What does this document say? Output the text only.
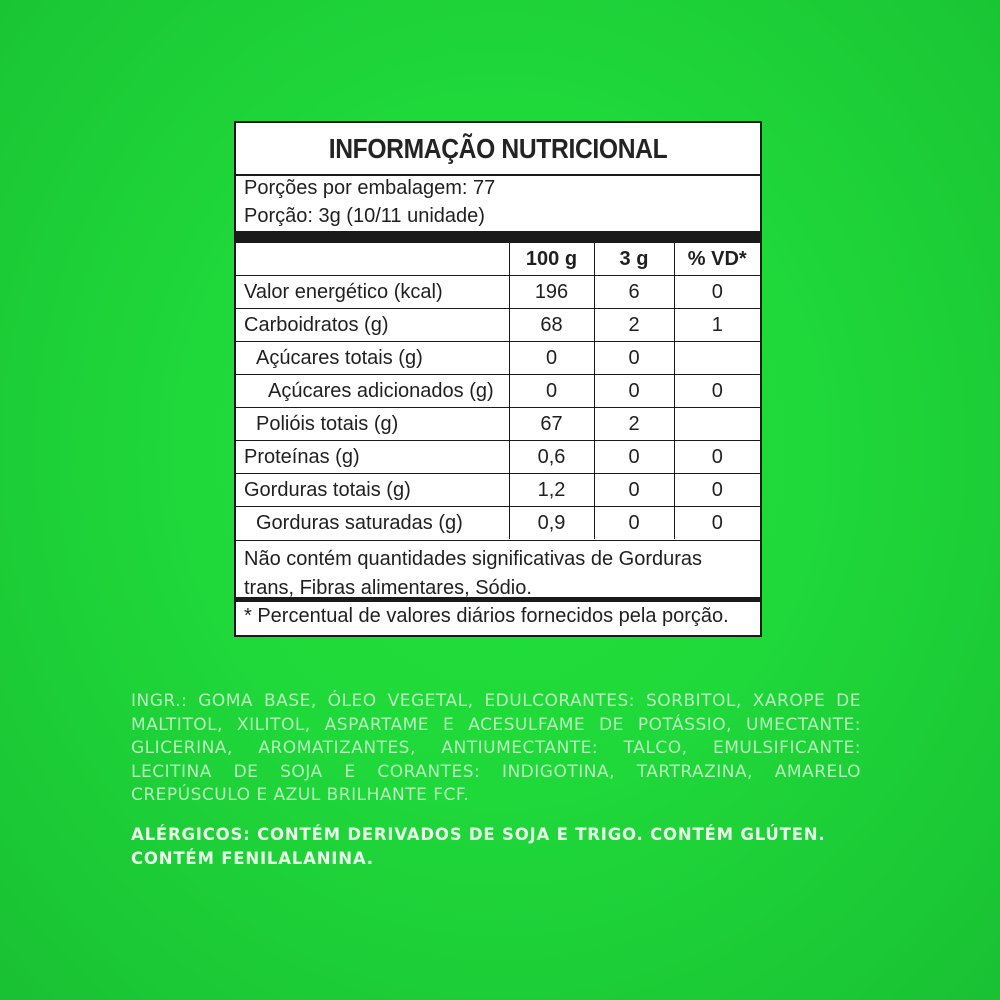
INFORMAÇÃO NUTRICIONAL
Porções por embalagem: 77
Porção: 3g (10/11 unidade)
	100 g	3 g	% VD*
Valor energético (kcal)	196	6	0
Carboidratos (g)	68	2	1
Açúcares totais (g)	0	0	
Açúcares adicionados (g)	0	0	0
Polióis totais (g)	67	2	
Proteínas (g)	0,6	0	0
Gorduras totais (g)	1,2	0	0
Gorduras saturadas (g)	0,9	0	0
Não contém quantidades significativas de Gorduras trans, Fibras alimentares, Sódio.
* Percentual de valores diários fornecidos pela porção.
INGR.: GOMA BASE, ÓLEO VEGETAL, EDULCORANTES: SORBITOL, XAROPE DE MALTITOL, XILITOL, ASPARTAME E ACESULFAME DE POTÁSSIO, UMECTANTE: GLICERINA, AROMATIZANTES, ANTIUMECTANTE: TALCO, EMULSIFICANTE: LECITINA DE SOJA E CORANTES: INDIGOTINA, TARTRAZINA, AMARELO CREPÚSCULO E AZUL BRILHANTE FCF.
ALÉRGICOS: CONTÉM DERIVADOS DE SOJA E TRIGO. CONTÉM GLÚTEN. CONTÉM FENILALANINA.
